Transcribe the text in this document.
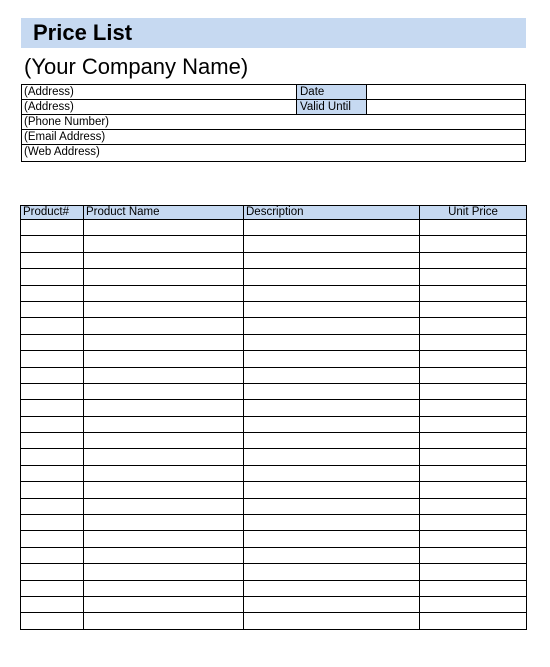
Price List
(Your Company Name)
(Address)	Date
(Address)	Valid Until
(Phone Number)
(Email Address)
(Web Address)
Product#	Product Name	Description	Unit Price
